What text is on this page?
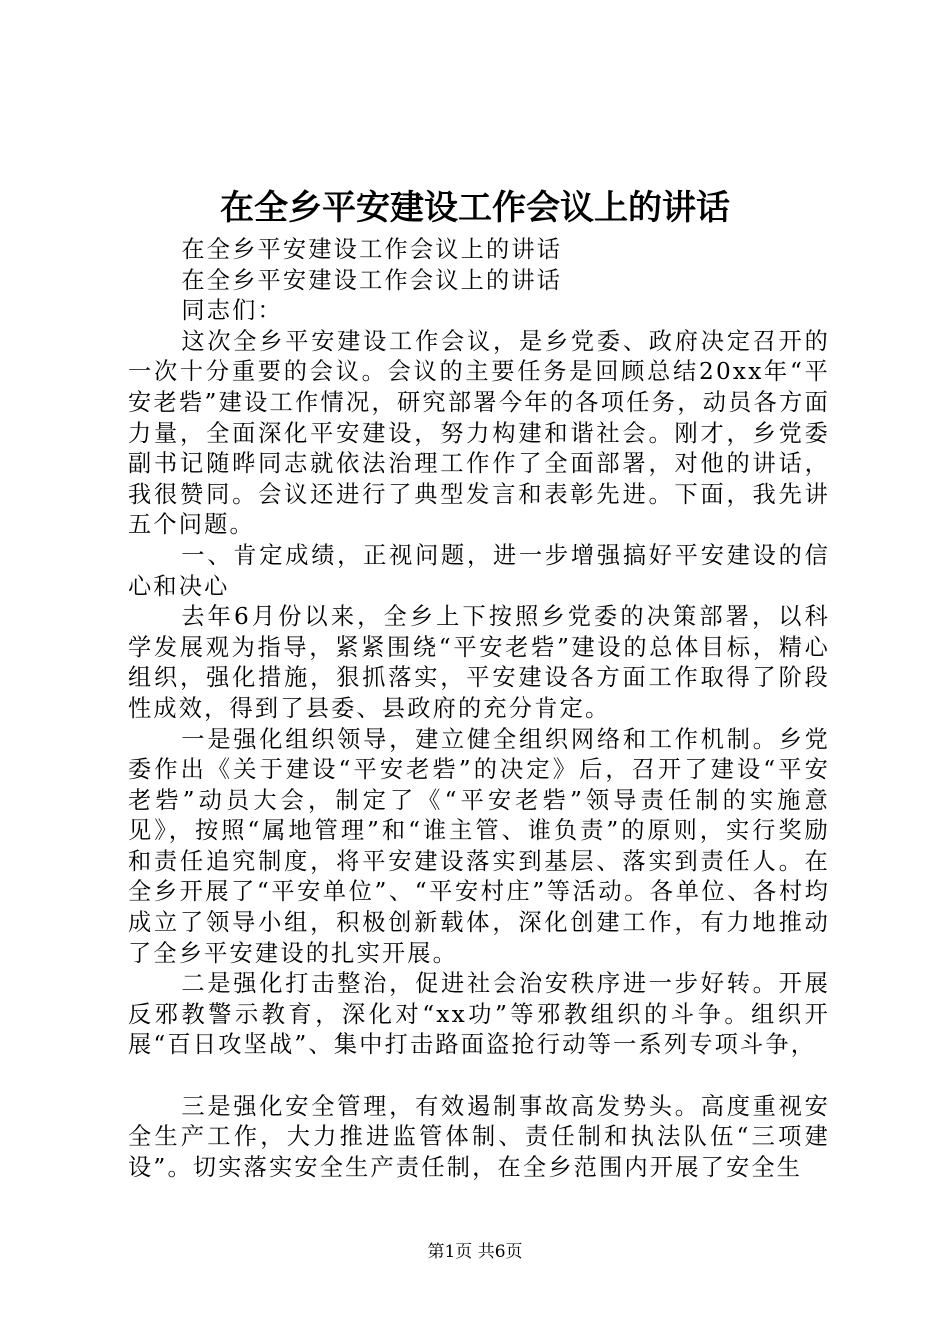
在全乡平安建设工作会议上的讲话

在全乡平安建设工作会议上的讲话

在全乡平安建设工作会议上的讲话

同志们：

这次全乡平安建设工作会议，是乡党委、政府决定召开的一次十分重要的会议。会议的主要任务是回顾总结20xx年“平安老砦”建设工作情况，研究部署今年的各项任务，动员各方面力量，全面深化平安建设，努力构建和谐社会。刚才，乡党委副书记随晔同志就依法治理工作作了全面部署，对他的讲话，我很赞同。会议还进行了典型发言和表彰先进。下面，我先讲五个问题。

一、肯定成绩，正视问题，进一步增强搞好平安建设的信心和决心

去年6月份以来，全乡上下按照乡党委的决策部署，以科学发展观为指导，紧紧围绕“平安老砦”建设的总体目标，精心组织，强化措施，狠抓落实，平安建设各方面工作取得了阶段性成效，得到了县委、县政府的充分肯定。

一是强化组织领导，建立健全组织网络和工作机制。乡党委作出《关于建设“平安老砦”的决定》后，召开了建设“平安老砦”动员大会，制定了《“平安老砦”领导责任制的实施意见》，按照“属地管理”和“谁主管、谁负责”的原则，实行奖励和责任追究制度，将平安建设落实到基层、落实到责任人。在全乡开展了“平安单位”、“平安村庄”等活动。各单位、各村均成立了领导小组，积极创新载体，深化创建工作，有力地推动了全乡平安建设的扎实开展。

二是强化打击整治，促进社会治安秩序进一步好转。开展反邪教警示教育，深化对“xx功”等邪教组织的斗争。组织开展“百日攻坚战”、集中打击路面盗抢行动等一系列专项斗争，

三是强化安全管理，有效遏制事故高发势头。高度重视安全生产工作，大力推进监管体制、责任制和执法队伍“三项建设”。切实落实安全生产责任制，在全乡范围内开展了安全生

第1页 共6页
